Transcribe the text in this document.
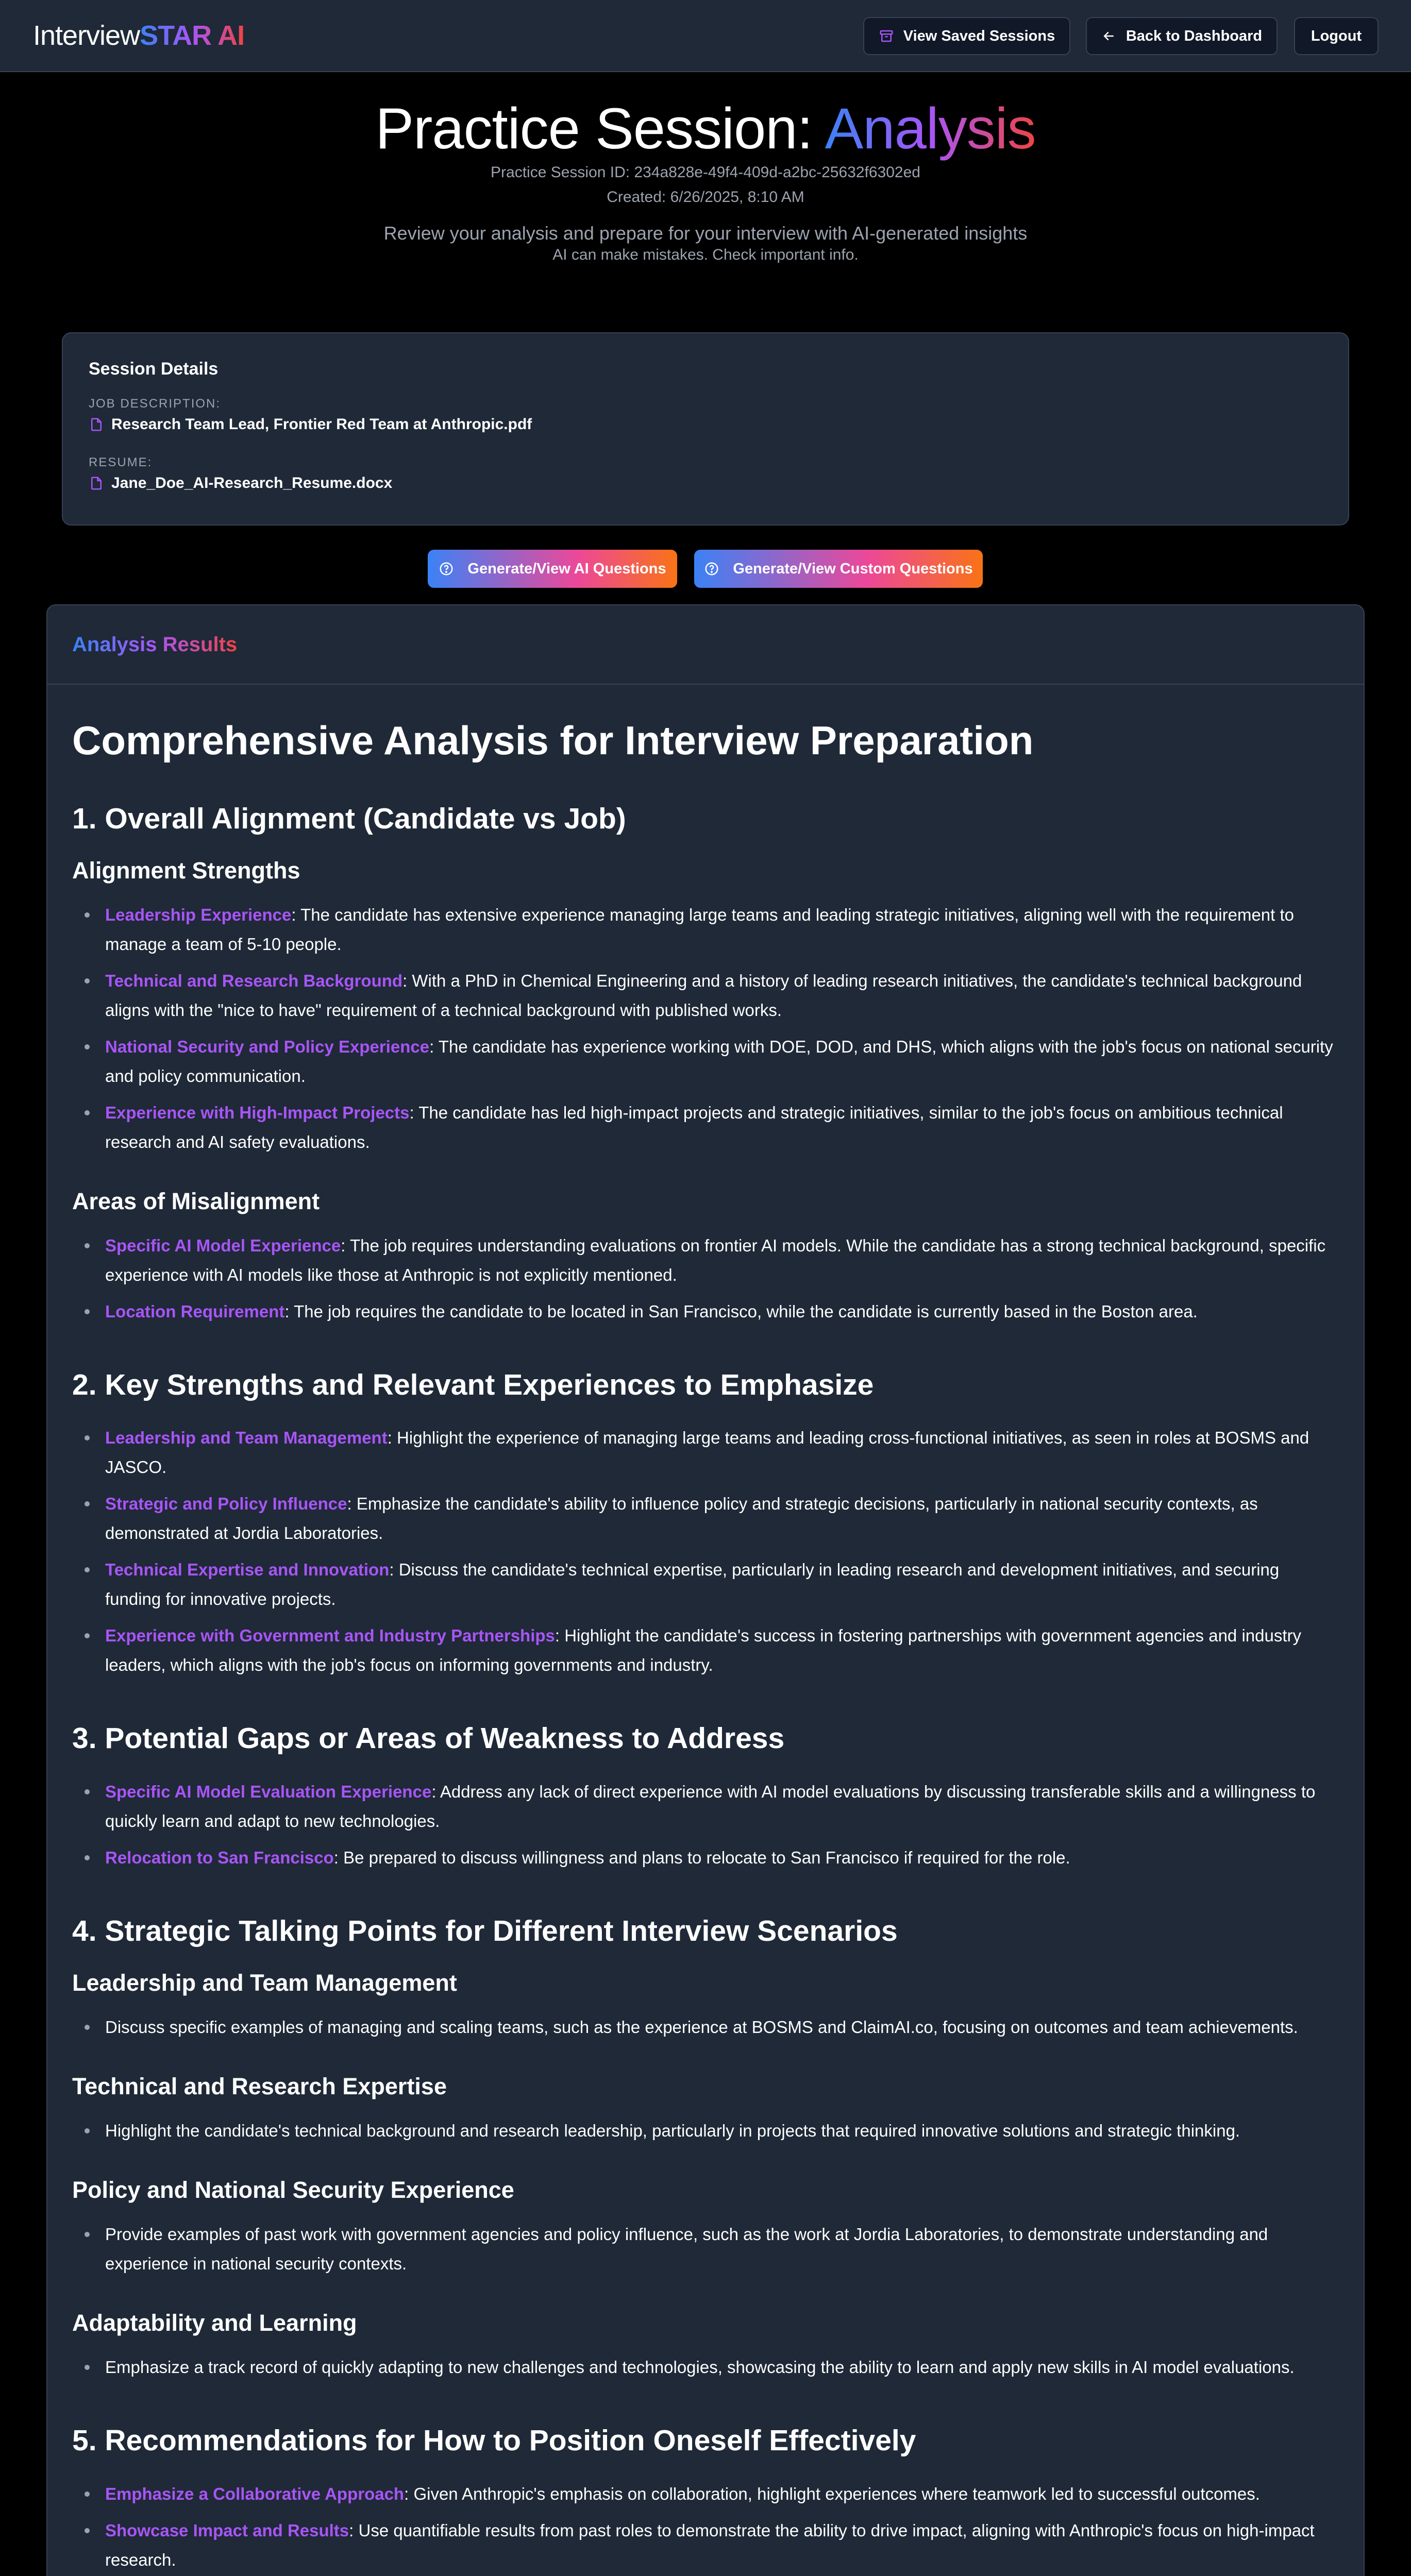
InterviewSTAR AI	View Saved Sessions	Back to Dashboard	Logout
Practice Session: Analysis
Practice Session ID: 234a828e-49f4-409d-a2bc-25632f6302ed
Created: 6/26/2025, 8:10 AM
Review your analysis and prepare for your interview with AI-generated insights
AI can make mistakes. Check important info.
Session Details
JOB DESCRIPTION:
Research Team Lead, Frontier Red Team at Anthropic.pdf
RESUME:
Jane_Doe_AI-Research_Resume.docx
Generate/View AI Questions	Generate/View Custom Questions
Analysis Results
Comprehensive Analysis for Interview Preparation
1. Overall Alignment (Candidate vs Job)
Alignment Strengths
Leadership Experience: The candidate has extensive experience managing large teams and leading strategic initiatives, aligning well with the requirement to manage a team of 5-10 people.
Technical and Research Background: With a PhD in Chemical Engineering and a history of leading research initiatives, the candidate's technical background aligns with the "nice to have" requirement of a technical background with published works.
National Security and Policy Experience: The candidate has experience working with DOE, DOD, and DHS, which aligns with the job's focus on national security and policy communication.
Experience with High-Impact Projects: The candidate has led high-impact projects and strategic initiatives, similar to the job's focus on ambitious technical research and AI safety evaluations.
Areas of Misalignment
Specific AI Model Experience: The job requires understanding evaluations on frontier AI models. While the candidate has a strong technical background, specific experience with AI models like those at Anthropic is not explicitly mentioned.
Location Requirement: The job requires the candidate to be located in San Francisco, while the candidate is currently based in the Boston area.
2. Key Strengths and Relevant Experiences to Emphasize
Leadership and Team Management: Highlight the experience of managing large teams and leading cross-functional initiatives, as seen in roles at BOSMS and JASCO.
Strategic and Policy Influence: Emphasize the candidate's ability to influence policy and strategic decisions, particularly in national security contexts, as demonstrated at Jordia Laboratories.
Technical Expertise and Innovation: Discuss the candidate's technical expertise, particularly in leading research and development initiatives, and securing funding for innovative projects.
Experience with Government and Industry Partnerships: Highlight the candidate's success in fostering partnerships with government agencies and industry leaders, which aligns with the job's focus on informing governments and industry.
3. Potential Gaps or Areas of Weakness to Address
Specific AI Model Evaluation Experience: Address any lack of direct experience with AI model evaluations by discussing transferable skills and a willingness to quickly learn and adapt to new technologies.
Relocation to San Francisco: Be prepared to discuss willingness and plans to relocate to San Francisco if required for the role.
4. Strategic Talking Points for Different Interview Scenarios
Leadership and Team Management
Discuss specific examples of managing and scaling teams, such as the experience at BOSMS and ClaimAI.co, focusing on outcomes and team achievements.
Technical and Research Expertise
Highlight the candidate's technical background and research leadership, particularly in projects that required innovative solutions and strategic thinking.
Policy and National Security Experience
Provide examples of past work with government agencies and policy influence, such as the work at Jordia Laboratories, to demonstrate understanding and experience in national security contexts.
Adaptability and Learning
Emphasize a track record of quickly adapting to new challenges and technologies, showcasing the ability to learn and apply new skills in AI model evaluations.
5. Recommendations for How to Position Oneself Effectively
Emphasize a Collaborative Approach: Given Anthropic's emphasis on collaboration, highlight experiences where teamwork led to successful outcomes.
Showcase Impact and Results: Use quantifiable results from past roles to demonstrate the ability to drive impact, aligning with Anthropic's focus on high-impact research.
